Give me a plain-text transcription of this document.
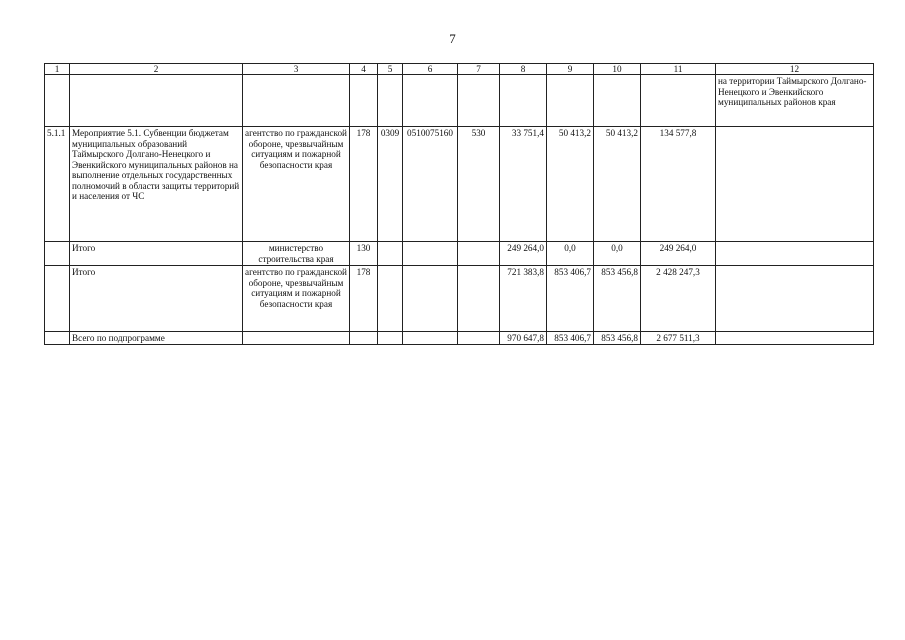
7
1	2	3	4	5	6	7	8	9	10	11	12
											на территории Таймырского Долгано-Ненецкого и Эвенкийского муниципальных районов края
5.1.1	Мероприятие 5.1. Субвенции бюджетам муниципальных образований Таймырского Долгано-Ненецкого и Эвенкийского муниципальных районов на выполнение отдельных государственных полномочий в области защиты территорий и населения от ЧС	агентство по гражданской обороне, чрезвычайным ситуациям и пожарной безопасности края	178	0309	0510075160	530	33 751,4	50 413,2	50 413,2	134 577,8	
	Итого	министерство строительства края	130				249 264,0	0,0	0,0	249 264,0	
	Итого	агентство по гражданской обороне, чрезвычайным ситуациям и пожарной безопасности края	178				721 383,8	853 406,7	853 456,8	2 428 247,3	
	Всего по подпрограмме						970 647,8	853 406,7	853 456,8	2 677 511,3	
